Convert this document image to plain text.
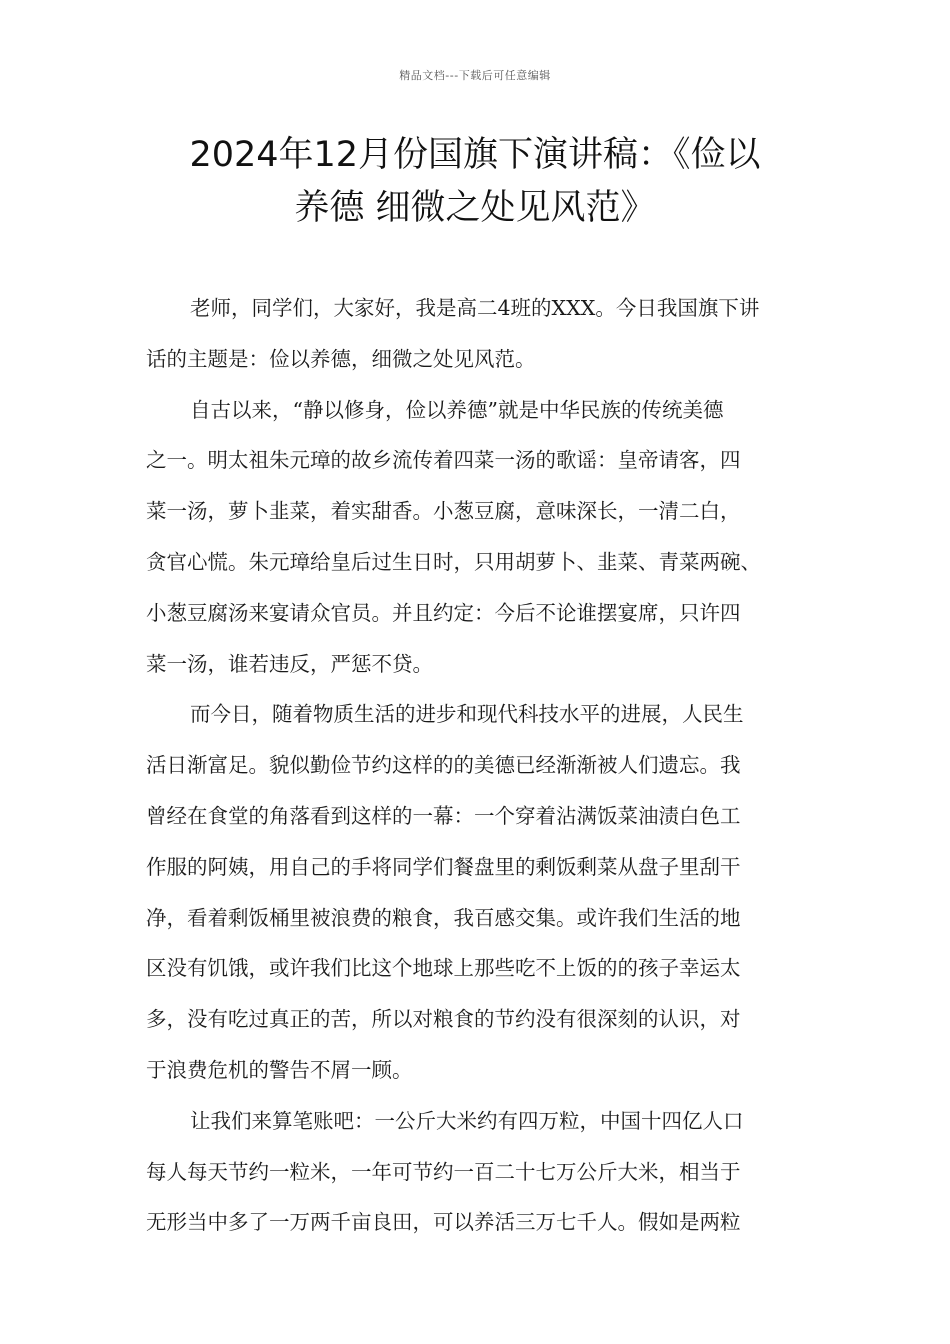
精品文档---下载后可任意编辑
2024年12月份国旗下演讲稿：《俭以
养德 细微之处见风范》
老师，同学们，大家好，我是高二4班的XXX。今日我国旗下讲
话的主题是：俭以养德，细微之处见风范。
自古以来，“静以修身，俭以养德”就是中华民族的传统美德
之一。明太祖朱元璋的故乡流传着四菜一汤的歌谣：皇帝请客，四
菜一汤，萝卜韭菜，着实甜香。小葱豆腐，意味深长，一清二白，
贪官心慌。朱元璋给皇后过生日时，只用胡萝卜、韭菜、青菜两碗、
小葱豆腐汤来宴请众官员。并且约定：今后不论谁摆宴席，只许四
菜一汤，谁若违反，严惩不贷。
而今日，随着物质生活的进步和现代科技水平的进展，人民生
活日渐富足。貌似勤俭节约这样的的美德已经渐渐被人们遗忘。我
曾经在食堂的角落看到这样的一幕：一个穿着沾满饭菜油渍白色工
作服的阿姨，用自己的手将同学们餐盘里的剩饭剩菜从盘子里刮干
净，看着剩饭桶里被浪费的粮食，我百感交集。或许我们生活的地
区没有饥饿，或许我们比这个地球上那些吃不上饭的的孩子幸运太
多，没有吃过真正的苦，所以对粮食的节约没有很深刻的认识，对
于浪费危机的警告不屑一顾。
让我们来算笔账吧：一公斤大米约有四万粒，中国十四亿人口
每人每天节约一粒米，一年可节约一百二十七万公斤大米，相当于
无形当中多了一万两千亩良田，可以养活三万七千人。假如是两粒
